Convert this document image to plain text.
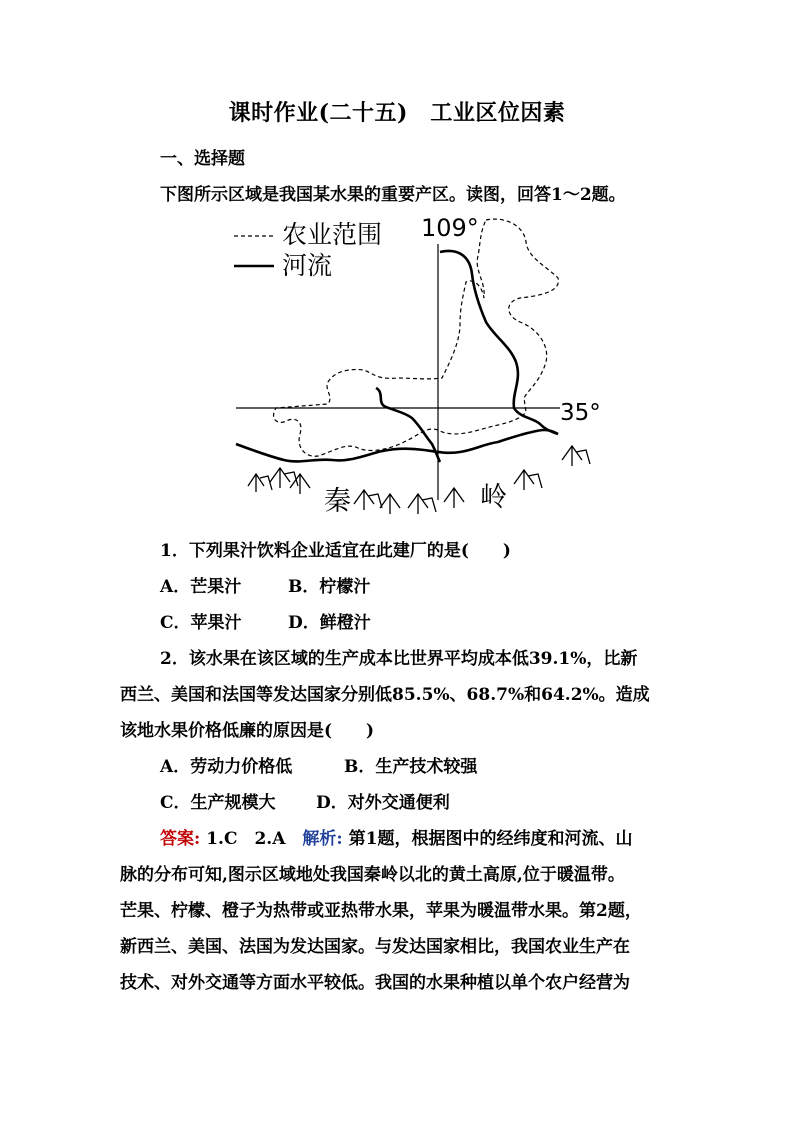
课时作业(二十五)　工业区位因素
一、选择题
下图所示区域是我国某水果的重要产区。读图，回答1～2题。
农业范围
河流
109°
35°
秦	岭
1．下列果汁饮料企业适宜在此建厂的是(　　)
A．芒果汁	B．柠檬汁
C．苹果汁	D．鲜橙汁
2．该水果在该区域的生产成本比世界平均成本低39.1%，比新
西兰、美国和法国等发达国家分别低85.5%、68.7%和64.2%。造成
该地水果价格低廉的原因是(　　)
A．劳动力价格低	B．生产技术较强
C．生产规模大 D．对外交通便利
答案: 1.C　2.A　解析: 第1题，根据图中的经纬度和河流、山
脉的分布可知,图示区域地处我国秦岭以北的黄土高原,位于暖温带。
芒果、柠檬、橙子为热带或亚热带水果，苹果为暖温带水果。第2题，
新西兰、美国、法国为发达国家。与发达国家相比，我国农业生产在
技术、对外交通等方面水平较低。我国的水果种植以单个农户经营为
